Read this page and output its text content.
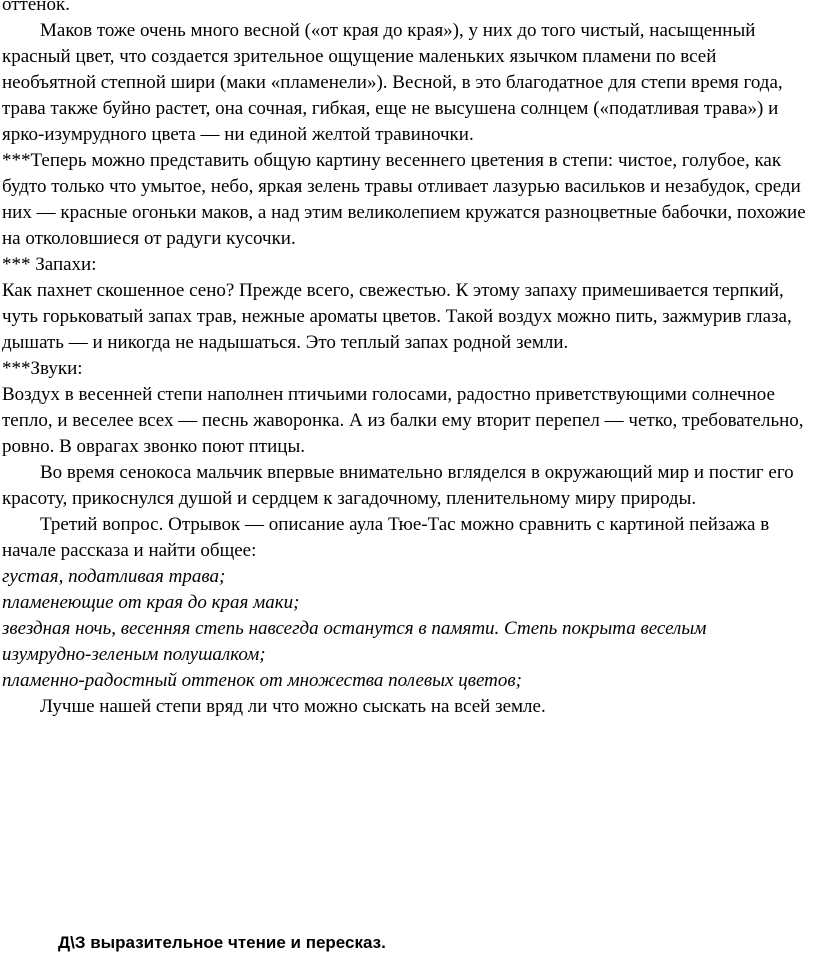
оттенок.

Маков тоже очень много весной («от края до края»), у них до того чистый, насыщенный красный цвет, что создается зрительное ощущение маленьких язычком пламени по всей необъятной степной шири (маки «пламенели»). Весной, в это благодатное для степи время года, трава также буйно растет, она сочная, гибкая, еще не высушена солнцем («податливая трава») и ярко-изумрудного цвета — ни единой желтой травиночки.

***Теперь можно представить общую картину весеннего цветения в степи: чистое, голубое, как будто только что умытое, небо, яркая зелень травы отливает лазурью васильков и незабудок, среди них — красные огоньки маков, а над этим великолепием кружатся разноцветные бабочки, похожие на отколовшиеся от радуги кусочки.

*** Запахи:

Как пахнет скошенное сено? Прежде всего, свежестью. К этому запаху примешивается терпкий, чуть горьковатый запах трав, нежные ароматы цветов. Такой воздух можно пить, зажмурив глаза, дышать — и никогда не надышаться. Это теплый запах родной земли.

***Звуки:

Воздух в весенней степи наполнен птичьими голосами, радостно приветствующими солнечное тепло, и веселее всех — песнь жаворонка. А из балки ему вторит перепел — четко, требовательно, ровно. В оврагах звонко поют птицы.

Во время сенокоса мальчик впервые внимательно вгляделся в окружающий мир и постиг его красоту, прикоснулся душой и сердцем к загадочному, пленительному миру природы.

Третий вопрос. Отрывок — описание аула Тюе-Тас можно сравнить с картиной пейзажа в начале рассказа и найти общее:

густая, податливая трава;

пламенеющие от края до края маки;

звездная ночь, весенняя степь навсегда останутся в памяти. Степь покрыта веселым

изумрудно-зеленым полушалком;

пламенно-радостный оттенок от множества полевых цветов;

Лучше нашей степи вряд ли что можно сыскать на всей земле.

Д\З выразительное чтение и пересказ.
